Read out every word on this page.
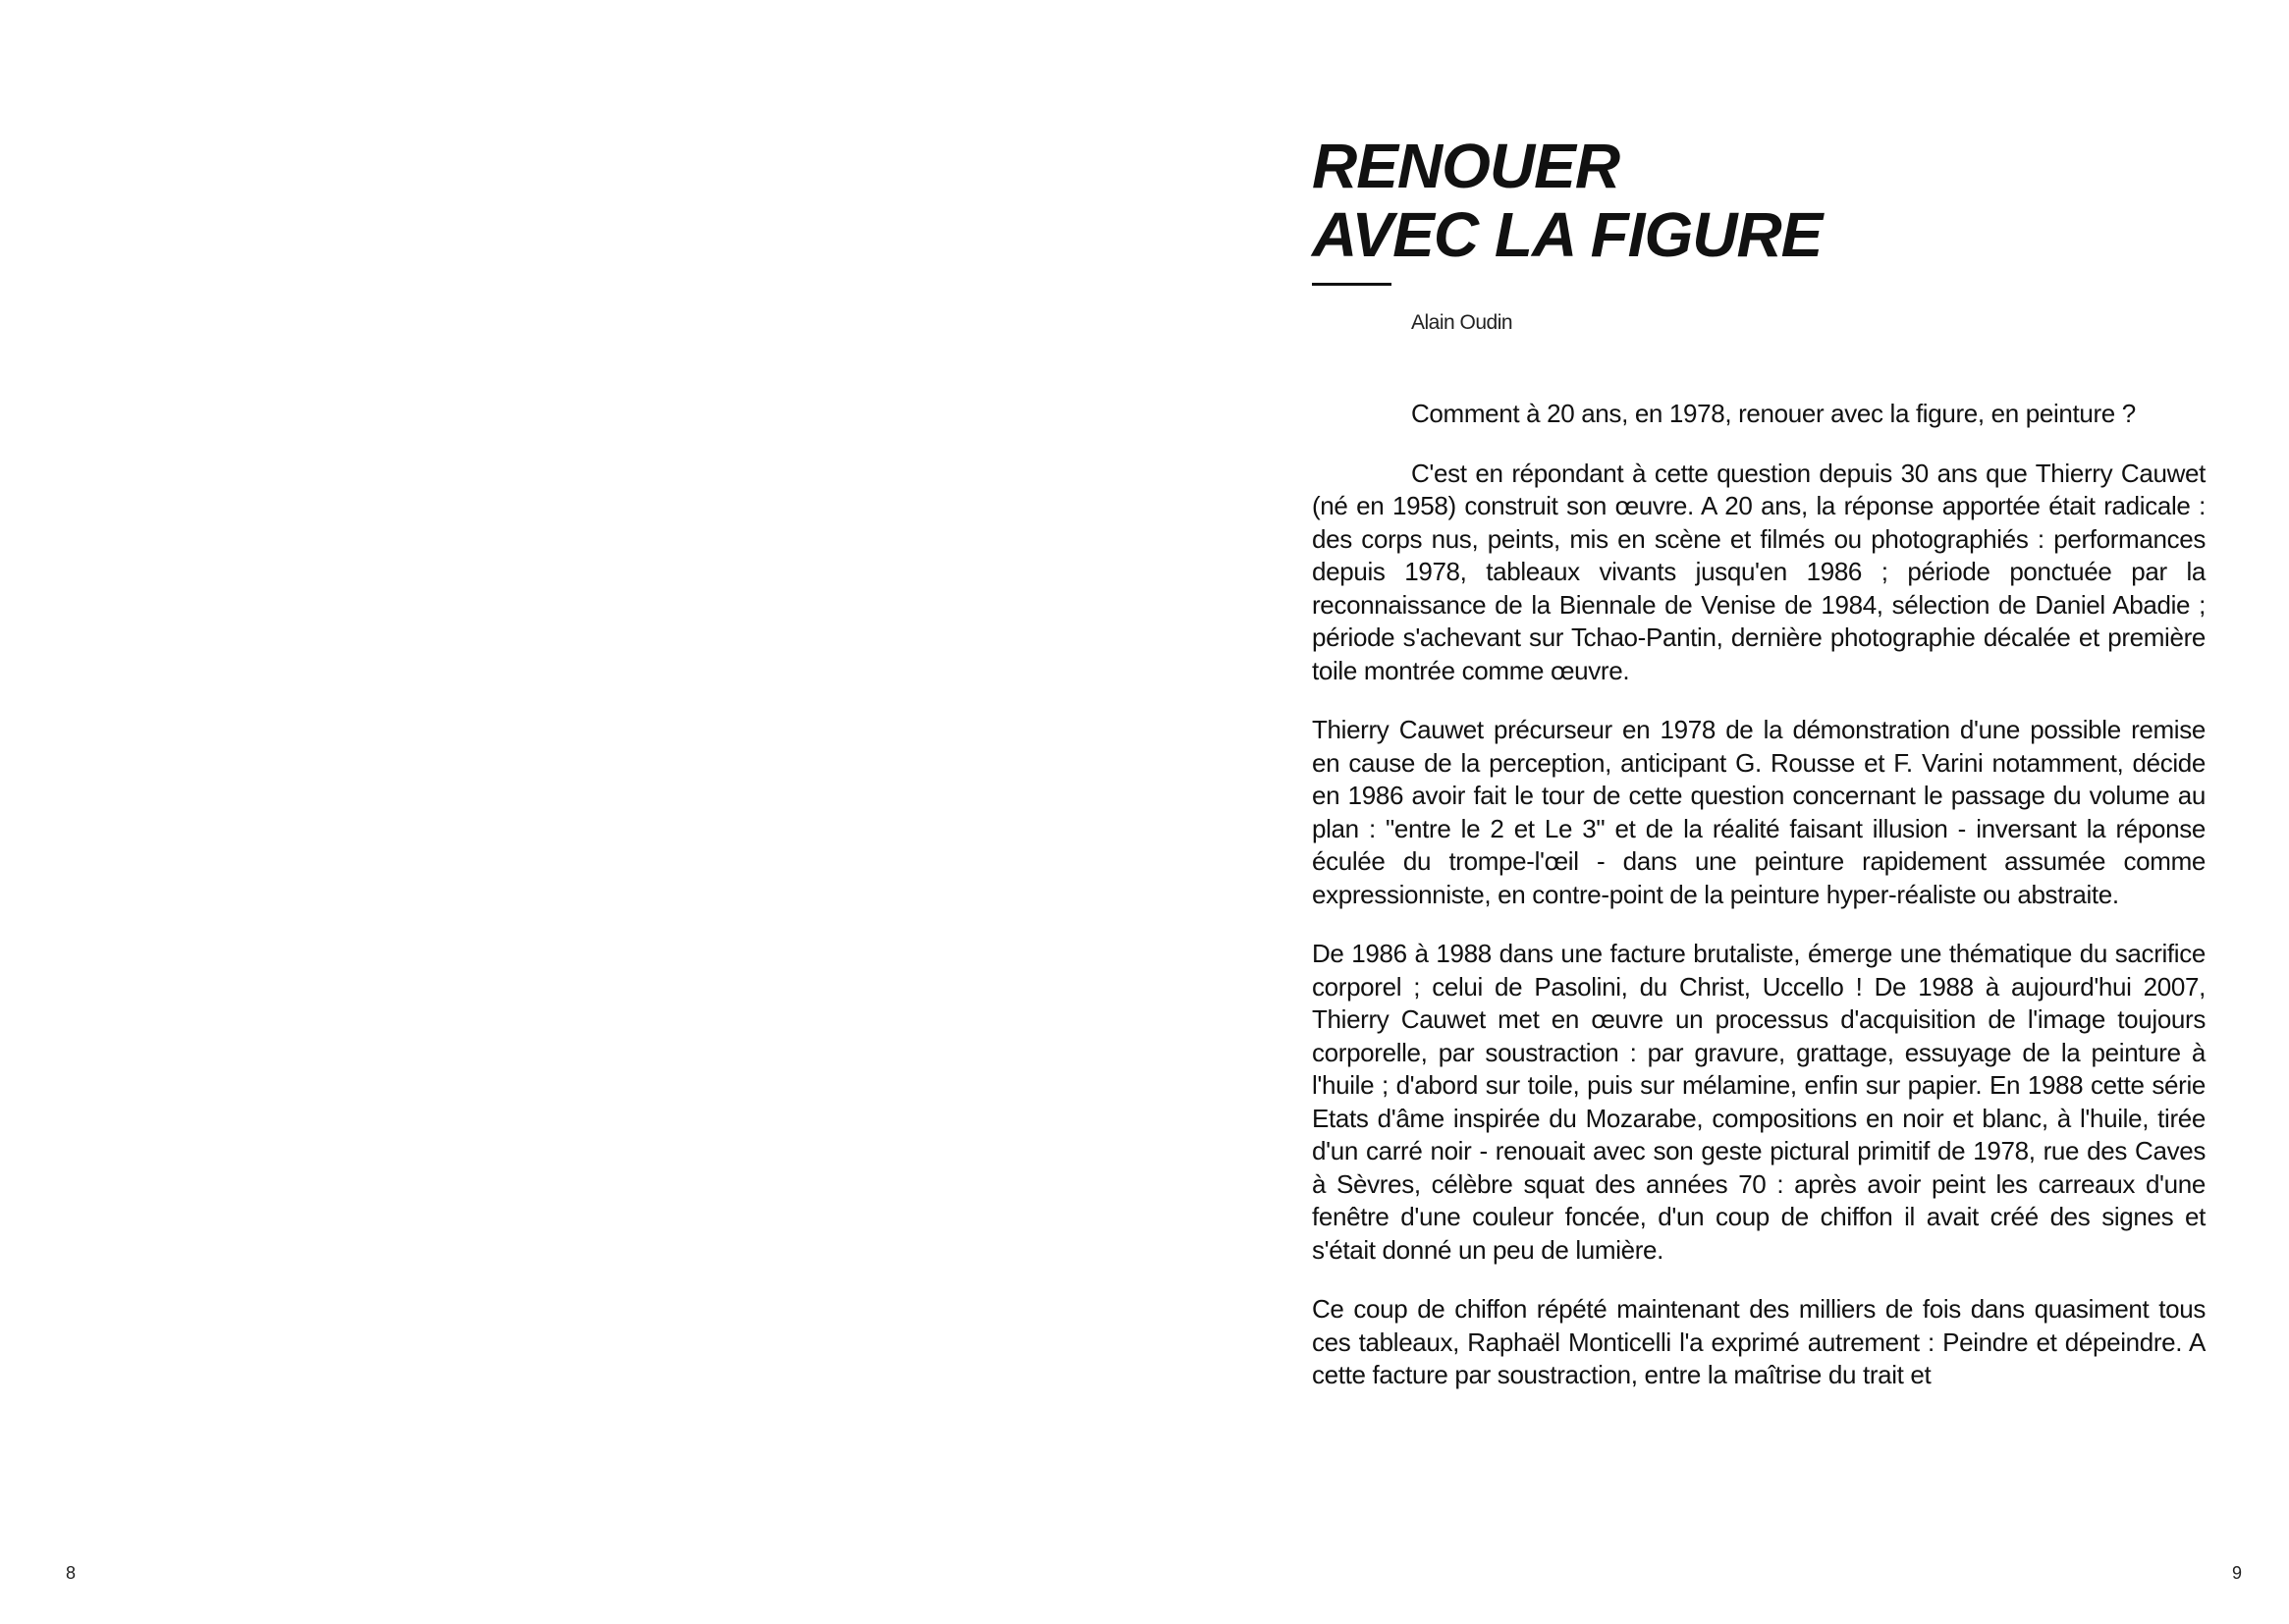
8
RENOUER
AVEC LA FIGURE
Alain Oudin

Comment à 20 ans, en 1978, renouer avec la figure, en peinture ?

C'est en répondant à cette question depuis 30 ans que Thierry Cauwet (né en 1958) construit son œuvre. A 20 ans, la réponse apportée était radicale : des corps nus, peints, mis en scène et filmés ou photographiés : performances depuis 1978, tableaux vivants jusqu'en 1986 ; période ponctuée par la reconnaissance de la Biennale de Venise de 1984, sélection de Daniel Abadie ; période s'achevant sur Tchao-Pantin, dernière photographie décalée et première toile montrée comme œuvre.

Thierry Cauwet précurseur en 1978 de la démonstration d'une possible remise en cause de la perception, anticipant G. Rousse et F. Varini notamment, décide en 1986 avoir fait le tour de cette question concernant le passage du volume au plan : "entre le 2 et Le 3" et de la réalité faisant illusion - inversant la réponse éculée du trompe-l'œil - dans une peinture rapidement assumée comme expressionniste, en contre-point de la peinture hyper-réaliste ou abstraite.

De 1986 à 1988 dans une facture brutaliste, émerge une thématique du sacrifice corporel ; celui de Pasolini, du Christ, Uccello ! De 1988 à aujourd'hui 2007, Thierry Cauwet met en œuvre un processus d'acquisition de l'image toujours corporelle, par soustraction : par gravure, grattage, essuyage de la peinture à l'huile ; d'abord sur toile, puis sur mélamine, enfin sur papier. En 1988 cette série Etats d'âme inspirée du Mozarabe, compositions en noir et blanc, à l'huile, tirée d'un carré noir - renouait avec son geste pictural primitif de 1978, rue des Caves à Sèvres, célèbre squat des années 70 : après avoir peint les carreaux d'une fenêtre d'une couleur foncée, d'un coup de chiffon il avait créé des signes et s'était donné un peu de lumière.

Ce coup de chiffon répété maintenant des milliers de fois dans quasiment tous ces tableaux, Raphaël Monticelli l'a exprimé autrement : Peindre et dépeindre. A cette facture par soustraction, entre la maîtrise du trait et

9
